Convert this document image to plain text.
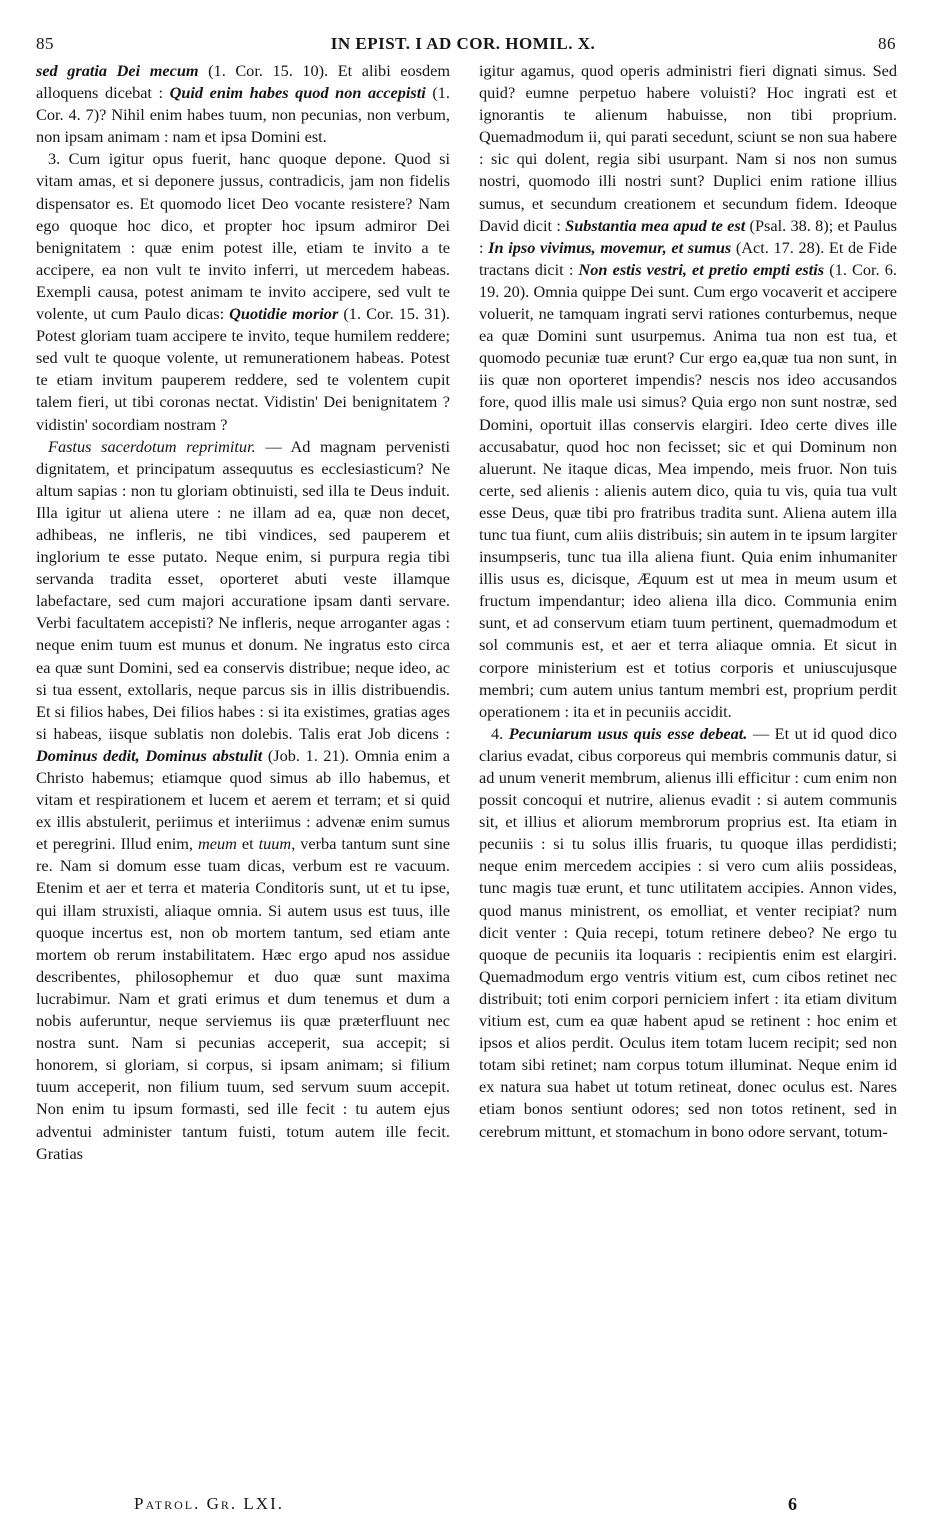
85	IN EPIST. I AD COR. HOMIL. X.	86

sed gratia Dei mecum (1. Cor. 15. 10). Et alibi eosdem alloquens dicebat : Quid enim habes quod non accepisti (1. Cor. 4. 7)? Nihil enim habes tuum, non pecunias, non verbum, non ipsam animam : nam et ipsa Domini est.

3. Cum igitur opus fuerit, hanc quoque depone. Quod si vitam amas, et si deponere jussus, contradicis, jam non fidelis dispensator es. Et quomodo licet Deo vocante resistere? Nam ego quoque hoc dico, et propter hoc ipsum admiror Dei benignitatem : quæ enim potest ille, etiam te invito a te accipere, ea non vult te invito inferri, ut mercedem habeas. Exempli causa, potest animam te invito accipere, sed vult te volente, ut cum Paulo dicas: Quotidie morior (1. Cor. 15. 31). Potest gloriam tuam accipere te invito, teque humilem reddere; sed vult te quoque volente, ut remunerationem habeas. Potest te etiam invitum pauperem reddere, sed te volentem cupit talem fieri, ut tibi coronas nectat. Vidistin' Dei benignitatem ? vidistin' socordiam nostram ?

Fastus sacerdotum reprimitur. — Ad magnam pervenisti dignitatem, et principatum assequutus es ecclesiasticum? Ne altum sapias : non tu gloriam obtinuisti, sed illa te Deus induit. Illa igitur ut aliena utere : ne illam ad ea, quæ non decet, adhibeas, ne infleris, ne tibi vindices, sed pauperem et inglorium te esse putato. Neque enim, si purpura regia tibi servanda tradita esset, oporteret abuti veste illamque labefactare, sed cum majori accuratione ipsam danti servare. Verbi facultatem accepisti? Ne infleris, neque arroganter agas : neque enim tuum est munus et donum. Ne ingratus esto circa ea quæ sunt Domini, sed ea conservis distribue; neque ideo, ac si tua essent, extollaris, neque parcus sis in illis distribuendis. Et si filios habes, Dei filios habes : si ita existimes, gratias ages si habeas, iisque sublatis non dolebis. Talis erat Job dicens : Dominus dedit, Dominus abstulit (Job. 1. 21). Omnia enim a Christo habemus; etiamque quod simus ab illo habemus, et vitam et respirationem et lucem et aerem et terram; et si quid ex illis abstulerit, periimus et interiimus : advenæ enim sumus et peregrini. Illud enim, meum et tuum, verba tantum sunt sine re. Nam si domum esse tuam dicas, verbum est re vacuum. Etenim et aer et terra et materia Conditoris sunt, ut et tu ipse, qui illam struxisti, aliaque omnia. Si autem usus est tuus, ille quoque incertus est, non ob mortem tantum, sed etiam ante mortem ob rerum instabilitatem. Hæc ergo apud nos assidue describentes, philosophemur et duo quæ sunt maxima lucrabimur. Nam et grati erimus et dum tenemus et dum a nobis auferuntur, neque serviemus iis quæ præterfluunt nec nostra sunt. Nam si pecunias acceperit, sua accepit; si honorem, si gloriam, si corpus, si ipsam animam; si filium tuum acceperit, non filium tuum, sed servum suum accepit. Non enim tu ipsum formasti, sed ille fecit : tu autem ejus adventui administer tantum fuisti, totum autem ille fecit. Gratias

igitur agamus, quod operis administri fieri dignati simus. Sed quid? eumne perpetuo habere voluisti? Hoc ingrati est et ignorantis te alienum habuisse, non tibi proprium. Quemadmodum ii, qui parati secedunt, sciunt se non sua habere : sic qui dolent, regia sibi usurpant. Nam si nos non sumus nostri, quomodo illi nostri sunt? Duplici enim ratione illius sumus, et secundum creationem et secundum fidem. Ideoque David dicit : Substantia mea apud te est (Psal. 38. 8); et Paulus : In ipso vivimus, movemur, et sumus (Act. 17. 28). Et de Fide tractans dicit : Non estis vestri, et pretio empti estis (1. Cor. 6. 19. 20). Omnia quippe Dei sunt. Cum ergo vocaverit et accipere voluerit, ne tamquam ingrati servi rationes conturbemus, neque ea quæ Domini sunt usurpemus. Anima tua non est tua, et quomodo pecuniæ tuæ erunt? Cur ergo ea,quæ tua non sunt, in iis quæ non oporteret impendis? nescis nos ideo accusandos fore, quod illis male usi simus? Quia ergo non sunt nostræ, sed Domini, oportuit illas conservis elargiri. Ideo certe dives ille accusabatur, quod hoc non fecisset; sic et qui Dominum non aluerunt. Ne itaque dicas, Mea impendo, meis fruor. Non tuis certe, sed alienis : alienis autem dico, quia tu vis, quia tua vult esse Deus, quæ tibi pro fratribus tradita sunt. Aliena autem illa tunc tua fiunt, cum aliis distribuis; sin autem in te ipsum largiter insumpseris, tunc tua illa aliena fiunt. Quia enim inhumaniter illis usus es, dicisque, Æquum est ut mea in meum usum et fructum impendantur; ideo aliena illa dico. Communia enim sunt, et ad conservum etiam tuum pertinent, quemadmodum et sol communis est, et aer et terra aliaque omnia. Et sicut in corpore ministerium est et totius corporis et uniuscujusque membri; cum autem unius tantum membri est, proprium perdit operationem : ita et in pecuniis accidit.

4. Pecuniarum usus quis esse debeat. — Et ut id quod dico clarius evadat, cibus corporeus qui membris communis datur, si ad unum venerit membrum, alienus illi efficitur : cum enim non possit concoqui et nutrire, alienus evadit : si autem communis sit, et illius et aliorum membrorum proprius est. Ita etiam in pecuniis : si tu solus illis fruaris, tu quoque illas perdidisti; neque enim mercedem accipies : si vero cum aliis possideas, tunc magis tuæ erunt, et tunc utilitatem accipies. Annon vides, quod manus ministrent, os emolliat, et venter recipiat? num dicit venter : Quia recepi, totum retinere debeo? Ne ergo tu quoque de pecuniis ita loquaris : recipientis enim est elargiri. Quemadmodum ergo ventris vitium est, cum cibos retinet nec distribuit; toti enim corpori perniciem infert : ita etiam divitum vitium est, cum ea quæ habent apud se retinent : hoc enim et ipsos et alios perdit. Oculus item totam lucem recipit; sed non totam sibi retinet; nam corpus totum illuminat. Neque enim id ex natura sua habet ut totum retineat, donec oculus est. Nares etiam bonos sentiunt odores; sed non totos retinent, sed in cerebrum mittunt, et stomachum in bono odore servant, totum-

Patrol. Gr. LXI.	6
